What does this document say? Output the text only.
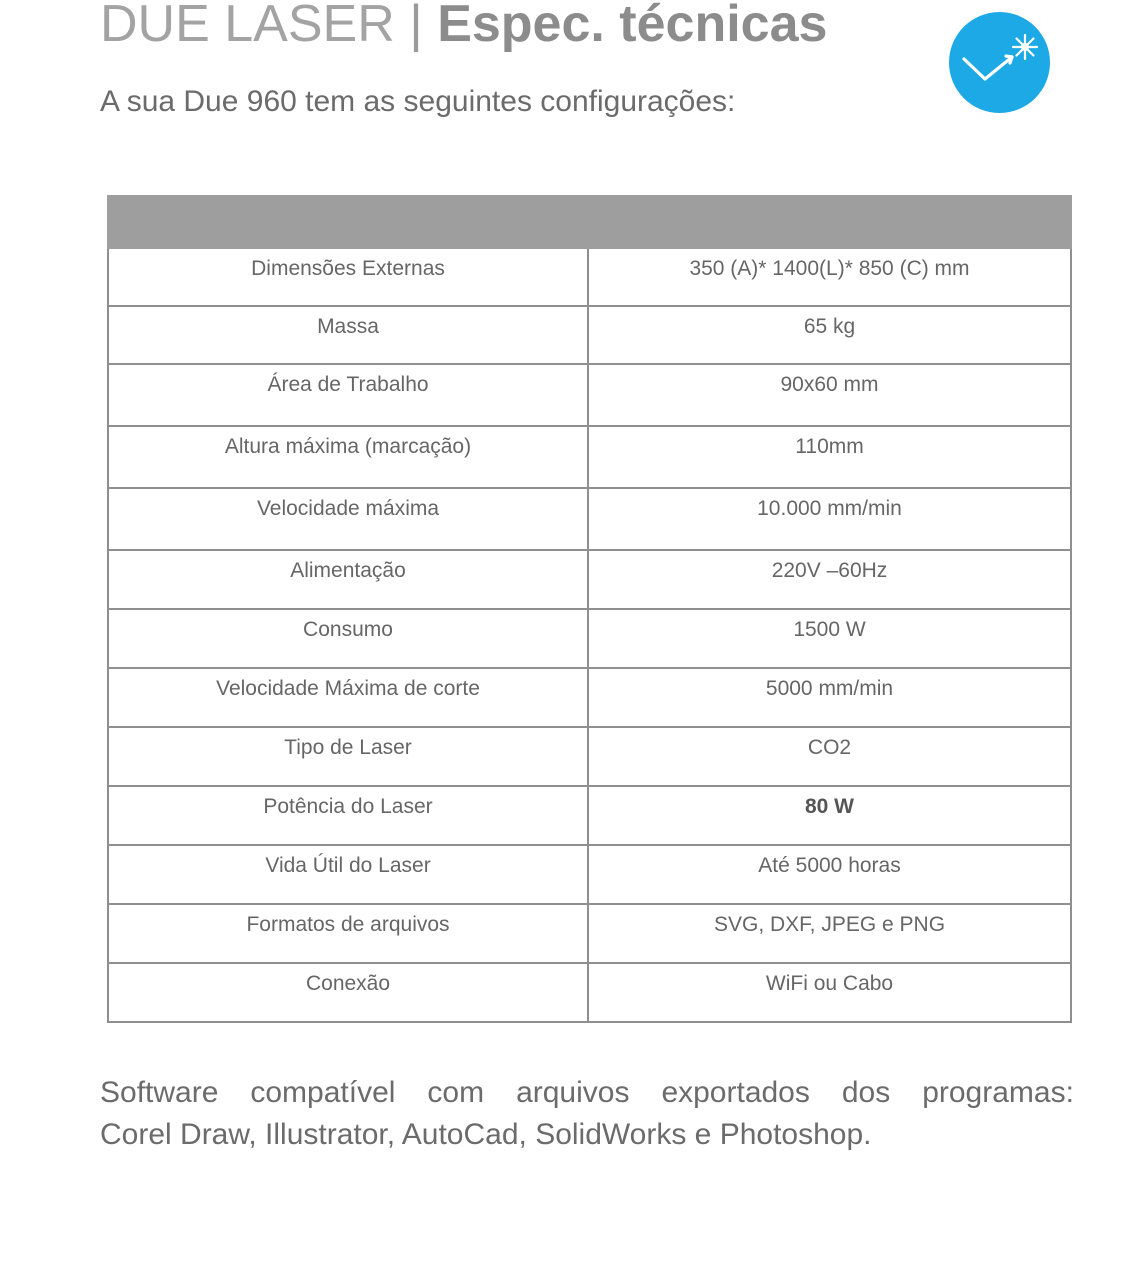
DUE LASER | Espec. técnicas

A sua Due 960 tem as seguintes configurações:

Dimensões Externas	350 (A)* 1400(L)* 850 (C) mm
Massa	65 kg
Área de Trabalho	90x60 mm
Altura máxima (marcação)	110mm
Velocidade máxima	10.000 mm/min
Alimentação	220V –60Hz
Consumo	1500 W
Velocidade Máxima de corte	5000 mm/min
Tipo de Laser	CO2
Potência do Laser	80 W
Vida Útil do Laser	Até 5000 horas
Formatos de arquivos	SVG, DXF, JPEG e PNG
Conexão	WiFi ou Cabo
Software compatível com arquivos exportados dos programas:
Corel Draw, Illustrator, AutoCad, SolidWorks e Photoshop.
